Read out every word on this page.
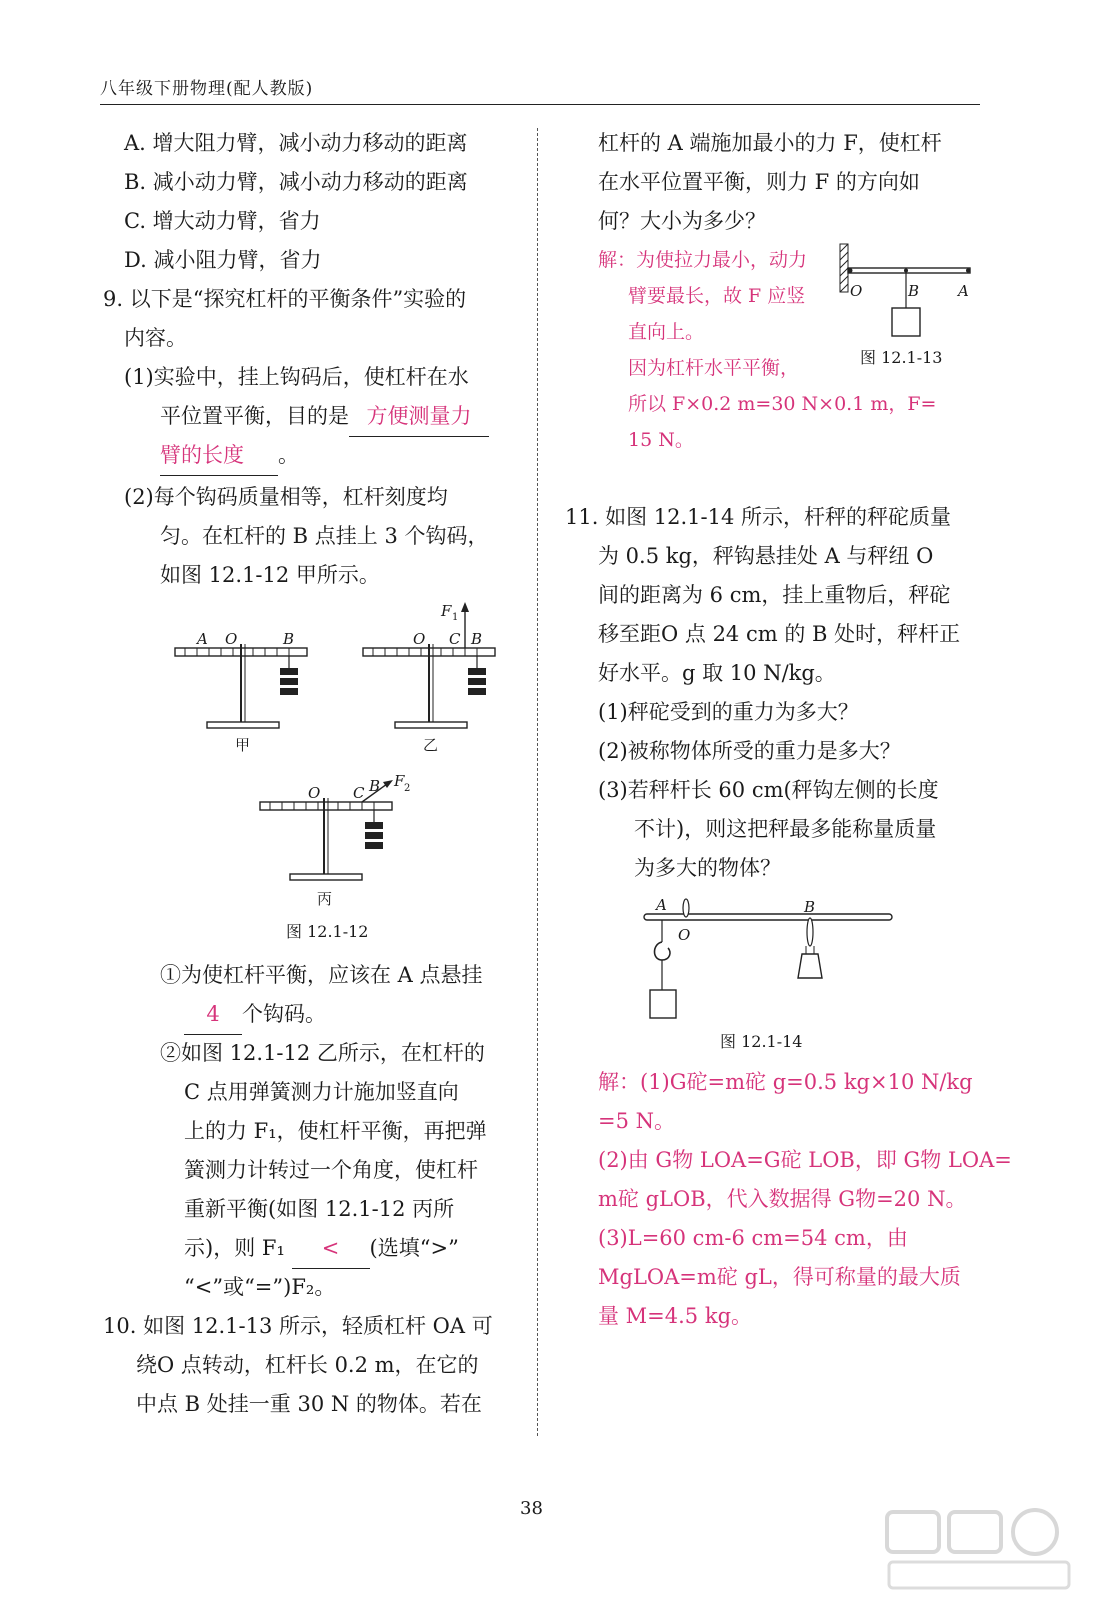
八年级下册物理(配人教版)
A. 增大阻力臂，减小动力移动的距离
B. 减小动力臂，减小动力移动的距离
C. 增大动力臂，省力
D. 减小阻力臂，省力
9. 以下是“探究杠杆的平衡条件”实验的
内容。
(1)实验中，挂上钩码后，使杠杆在水
平位置平衡，目的是 方便测量力
臂的长度 。
(2)每个钩码质量相等，杠杆刻度均
匀。在杠杆的 B 点挂上 3 个钩码，
如图 12.1-12 甲所示。
A O	B
甲
F 1
O C B
乙
F 2
O C B
丙
图 12.1-12
①为使杠杆平衡，应该在 A 点悬挂
4 个钩码。
②如图 12.1-12 乙所示，在杠杆的
C 点用弹簧测力计施加竖直向
上的力 F₁，使杠杆平衡，再把弹
簧测力计转过一个角度，使杠杆
重新平衡(如图 12.1-12 丙所
示)，则 F₁ < (选填“>”
“<”或“=”)F₂。
10. 如图 12.1-13 所示，轻质杠杆 OA 可
绕O 点转动，杠杆长 0.2 m，在它的
中点 B 处挂一重 30 N 的物体。若在
杠杆的 A 端施加最小的力 F，使杠杆
在水平位置平衡，则力 F 的方向如
何？大小为多少？
解：为使拉力最小，动力
臂要最长，故 F 应竖
直向上。
因为杠杆水平平衡，
所以 F×0.2 m=30 N×0.1 m，F=
15 N。
O	B	A
图 12.1-13
11. 如图 12.1-14 所示，杆秤的秤砣质量
为 0.5 kg，秤钩悬挂处 A 与秤纽 O
间的距离为 6 cm，挂上重物后，秤砣
移至距O 点 24 cm 的 B 处时，秤杆正
好水平。g 取 10 N/kg。
(1)秤砣受到的重力为多大？
(2)被称物体所受的重力是多大？
(3)若秤杆长 60 cm(秤钩左侧的长度
不计)，则这把秤最多能称量质量
为多大的物体？
A
O
B
图 12.1-14
解：(1)G砣=m砣 g=0.5 kg×10 N/kg
=5 N。
(2)由 G物 LOA=G砣 LOB，即 G物 LOA=
m砣 gLOB，代入数据得 G物=20 N。
(3)L=60 cm-6 cm=54 cm，由
MgLOA=m砣 gL，得可称量的最大质
量 M=4.5 kg。
38
